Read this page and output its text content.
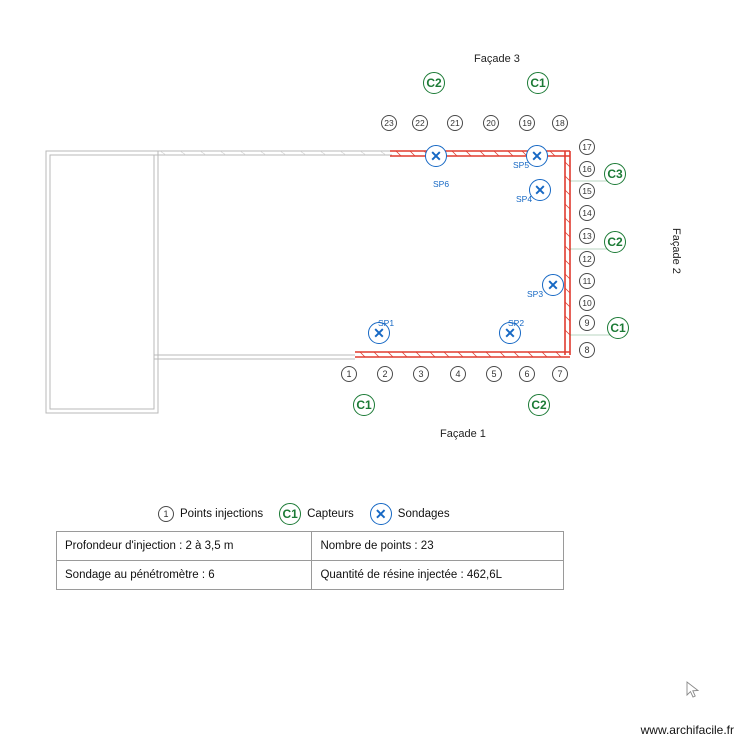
Façade 3
Façade 1
Façade 2
1	2	3	4	5	6	7
8
9
10
11
12
13
14
15
16
17
18
19
20
21
22
23
C2	C1
C3
C2
C1
C1	C2
✕
SP6
✕
SP5
✕
SP4
✕
SP3
✕
SP1
✕
SP2
1	Points injections C1 Capteurs	✕ Sondages
Profondeur d'injection : 2 à 3,5 m	Nombre de points : 23
Sondage au pénétromètre : 6	Quantité de résine injectée : 462,6L
www.archifacile.fr
